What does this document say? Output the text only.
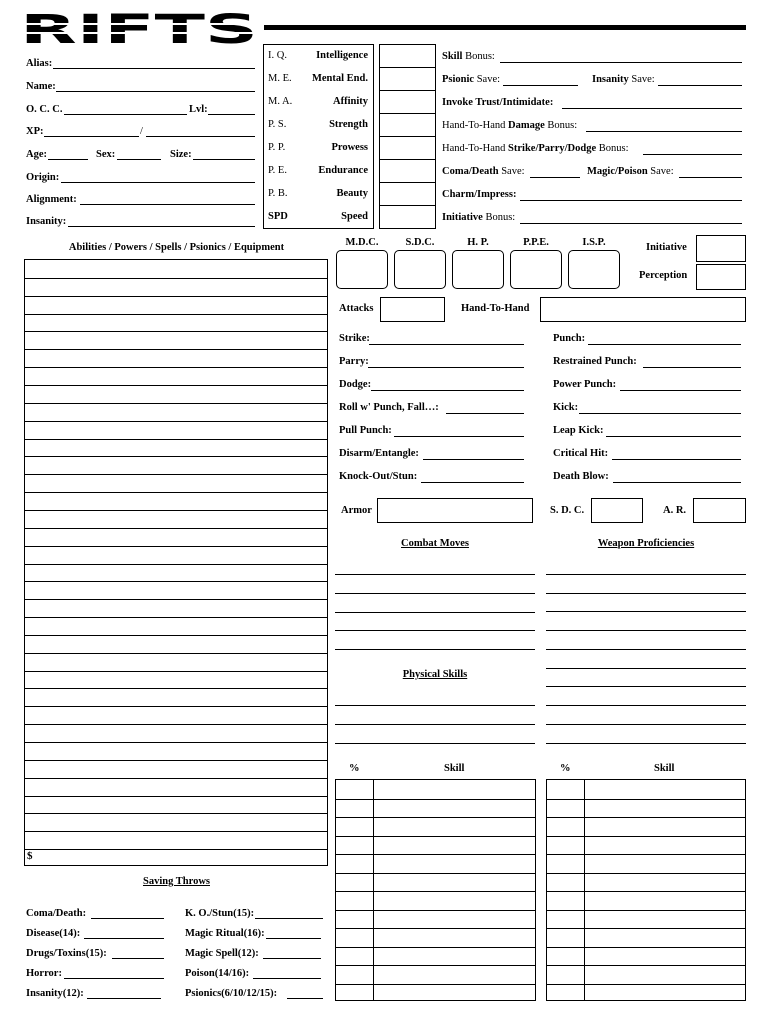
RIFTS
Alias:
Name:
O. C. C.	Lvl:
XP:	/
Age:	Sex:	Size:
Origin:
Alignment:
Insanity:
I. Q.	Intelligence
M. E. Mental End.
M. A.	Affinity
P. S.	Strength
P. P.	Prowess
P. E.	Endurance
P. B.	Beauty
SPD	Speed
Skill Bonus:
Psionic Save:	Insanity Save:
Invoke Trust/Intimidate:
Hand-To-Hand Damage Bonus:
Hand-To-Hand Strike/Parry/Dodge Bonus:
Coma/Death Save:	Magic/Poison Save:
Charm/Impress:
Initiative Bonus:
Abilities / Powers / Spells / Psionics / Equipment
$
M.D.C.	S.D.C.	H. P.	P.P.E.	I.S.P.	Initiative
Perception
Attacks	Hand-To-Hand
Strike:
Parry:
Dodge:
Roll w' Punch, Fall…:
Pull Punch:
Disarm/Entangle:
Knock-Out/Stun:
Punch:
Restrained Punch:
Power Punch:
Kick:
Leap Kick:
Critical Hit:
Death Blow:
Armor	S. D. C.	A. R.
Combat Moves	Weapon Proficiencies
Physical Skills
%	Skill	%	Skill
Saving Throws
Coma/Death:
Disease(14):
Drugs/Toxins(15):
Horror:
Insanity(12):
K. O./Stun(15):
Magic Ritual(16):
Magic Spell(12):
Poison(14/16):
Psionics(6/10/12/15):
